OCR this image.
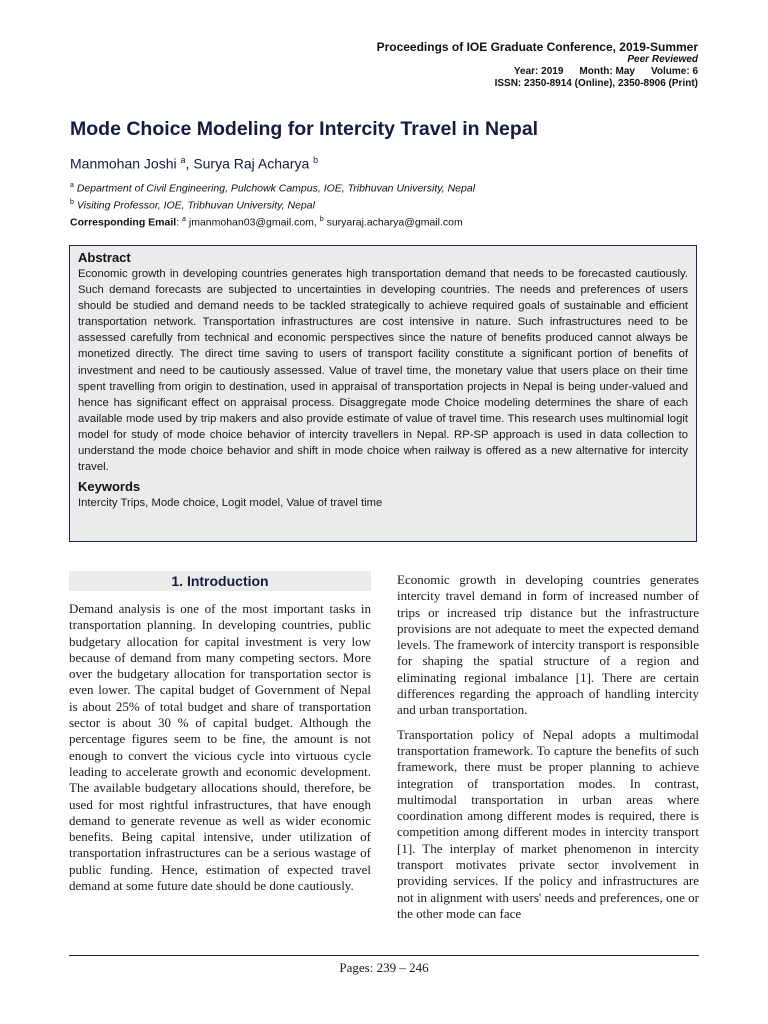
Proceedings of IOE Graduate Conference, 2019-Summer
Peer Reviewed
Year: 2019 Month: May Volume: 6
ISSN: 2350-8914 (Online), 2350-8906 (Print)
Mode Choice Modeling for Intercity Travel in Nepal
Manmohan Joshi $^a$, Surya Raj Acharya $^b$
$^a$ Department of Civil Engineering, Pulchowk Campus, IOE, Tribhuvan University, Nepal
$^b$ Visiting Professor, IOE, Tribhuvan University, Nepal
Corresponding Email: $^a$ jmanmohan03@gmail.com, $^b$ suryaraj.acharya@gmail.com
Abstract
Economic growth in developing countries generates high transportation demand that needs to be forecasted cautiously. Such demand forecasts are subjected to uncertainties in developing countries. The needs and preferences of users should be studied and demand needs to be tackled strategically to achieve required goals of sustainable and efficient transportation network. Transportation infrastructures are cost intensive in nature. Such infrastructures need to be assessed carefully from technical and economic perspectives since the nature of benefits produced cannot always be monetized directly. The direct time saving to users of transport facility constitute a significant portion of benefits of investment and need to be cautiously assessed. Value of travel time, the monetary value that users place on their time spent travelling from origin to destination, used in appraisal of transportation projects in Nepal is being under-valued and hence has significant effect on appraisal process. Disaggregate mode Choice modeling determines the share of each available mode used by trip makers and also provide estimate of value of travel time. This research uses multinomial logit model for study of mode choice behavior of intercity travellers in Nepal. RP-SP approach is used in data collection to understand the mode choice behavior and shift in mode choice when railway is offered as a new alternative for intercity travel.
Keywords
Intercity Trips, Mode choice, Logit model, Value of travel time
1. Introduction

Demand analysis is one of the most important tasks in transportation planning. In developing countries, public budgetary allocation for capital investment is very low because of demand from many competing sectors. More over the budgetary allocation for transportation sector is even lower. The capital budget of Government of Nepal is about 25% of total budget and share of transportation sector is about 30 % of capital budget. Although the percentage figures seem to be fine, the amount is not enough to convert the vicious cycle into virtuous cycle leading to accelerate growth and economic development. The available budgetary allocations should, therefore, be used for most rightful infrastructures, that have enough demand to generate revenue as well as wider economic benefits. Being capital intensive, under utilization of transportation infrastructures can be a serious wastage of public funding. Hence, estimation of expected travel demand at some future date should be done cautiously.

Economic growth in developing countries generates intercity travel demand in form of increased number of trips or increased trip distance but the infrastructure provisions are not adequate to meet the expected demand levels. The framework of intercity transport is responsible for shaping the spatial structure of a region and eliminating regional imbalance [1]. There are certain differences regarding the approach of handling intercity and urban transportation.

Transportation policy of Nepal adopts a multimodal transportation framework. To capture the benefits of such framework, there must be proper planning to achieve integration of transportation modes. In contrast, multimodal transportation in urban areas where coordination among different modes is required, there is competition among different modes in intercity transport [1]. The interplay of market phenomenon in intercity transport motivates private sector involvement in providing services. If the policy and infrastructures are not in alignment with users' needs and preferences, one or the other mode can face

Pages: 239 – 246
